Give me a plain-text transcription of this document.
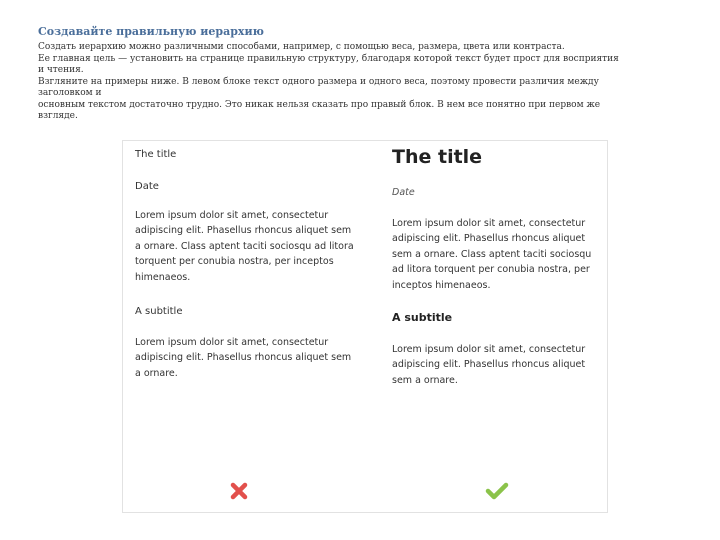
Создавайте правильную иерархию
Создать иерархию можно различными способами, например, с помощью веса, размера, цвета или контраста.
Ее главная цель — установить на странице правильную структуру, благодаря которой текст будет прост для восприятия
и чтения.
Взгляните на примеры ниже. В левом блоке текст одного размера и одного веса, поэтому провести различия между
заголовком и
основным текстом достаточно трудно. Это никак нельзя сказать про правый блок. В нем все понятно при первом же
взгляде.
The title
Date
Lorem ipsum dolor sit amet, consectetur adipiscing elit. Phasellus rhoncus aliquet sem a ornare. Class aptent taciti sociosqu ad litora torquent per conubia nostra, per inceptos himenaeos.
A subtitle
Lorem ipsum dolor sit amet, consectetur adipiscing elit. Phasellus rhoncus aliquet sem a ornare.
The title
Date
Lorem ipsum dolor sit amet, consectetur adipiscing elit. Phasellus rhoncus aliquet sem a ornare. Class aptent taciti sociosqu ad litora torquent per conubia nostra, per inceptos himenaeos.
A subtitle
Lorem ipsum dolor sit amet, consectetur adipiscing elit. Phasellus rhoncus aliquet sem a ornare.
